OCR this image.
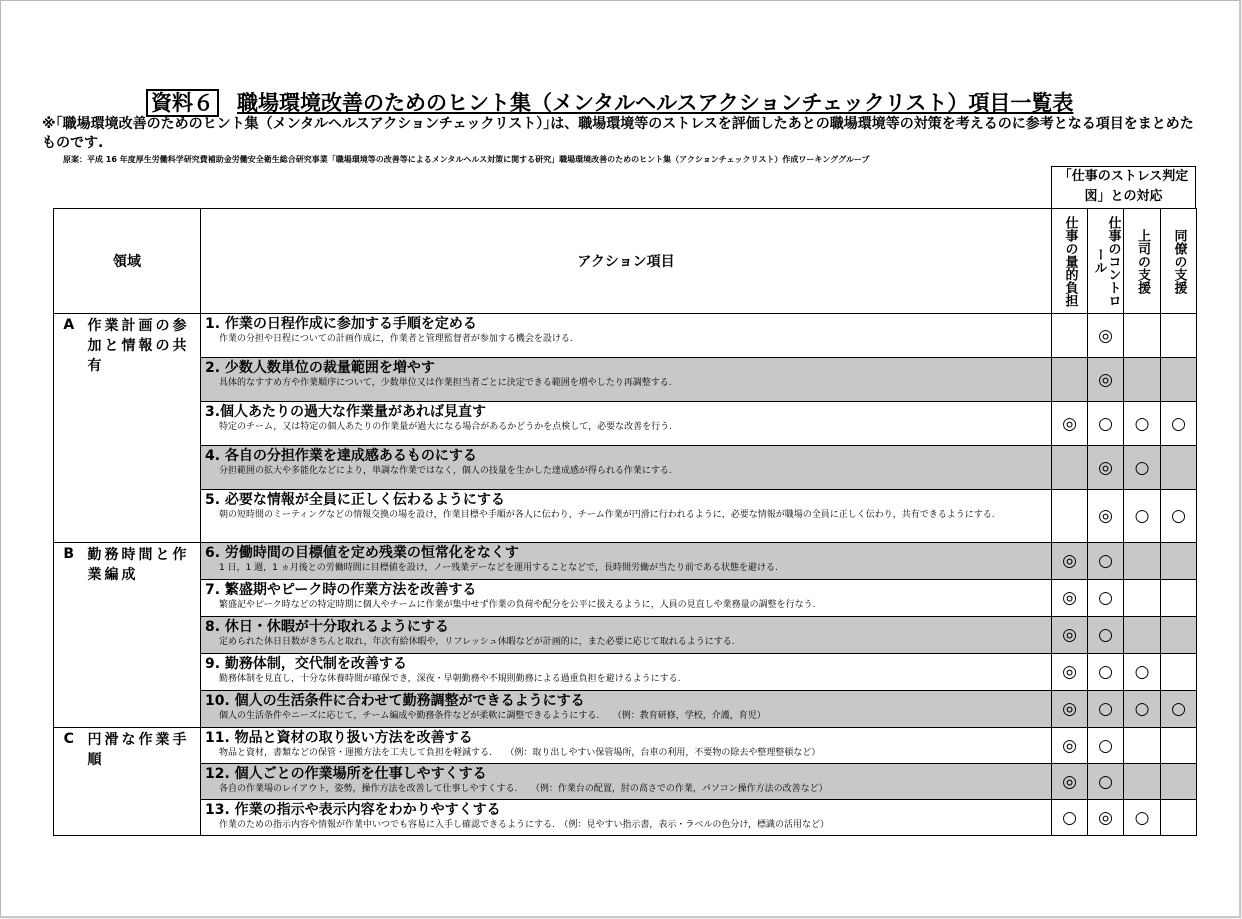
資料６ 職場環境改善のためのヒント集（メンタルヘルスアクションチェックリスト）項目一覧表
※｢職場環境改善のためのヒント集（メンタルヘルスアクションチェックリスト）｣は、職場環境等のストレスを評価したあとの職場環境等の対策を考えるのに参考となる項目をまとめたものです.
原案：平成 16 年度厚生労働科学研究費補助金労働安全衛生総合研究事業「職場環境等の改善等によるメンタルヘルス対策に関する研究」職場環境改善のためのヒント集（アクションチェックリスト）作成ワーキンググループ
「仕事のストレス判定図」との対応
領域		アクション項目	仕事の量的負担	仕事のコントロール	上司の支援	同僚の支援

A	作業計画の参加と情報の共有	1. 作業の日程作成に参加する手順を定める
作業の分担や日程についての計画作成に，作業者と管理監督者が参加する機会を設ける.		◎		

		2. 少数人数単位の裁量範囲を増やす
具体的なすすめ方や作業順序について，少数単位又は作業担当者ごとに決定できる範囲を増やしたり再調整する.		◎		

		3.個人あたりの過大な作業量があれば見直す
特定のチーム，又は特定の個人あたりの作業量が過大になる場合があるかどうかを点検して，必要な改善を行う.	◎	○	○	○

		4. 各自の分担作業を達成感あるものにする
分担範囲の拡大や多能化などにより，単調な作業ではなく，個人の技量を生かした達成感が得られる作業にする.		◎	○	

		5. 必要な情報が全員に正しく伝わるようにする
朝の短時間のミーティングなどの情報交換の場を設け，作業目標や手順が各人に伝わり，チーム作業が円滑に行われるように，必要な情報が職場の全員に正しく伝わり，共有できるようにする.		◎	○	○
B	勤務時間と作業編成	6. 労働時間の目標値を定め残業の恒常化をなくす
1 日，1 週，1 ヵ月後との労働時間に目標値を設け，ノー残業デーなどを運用することなどで，長時間労働が当たり前である状態を避ける.	◎	○		

		7. 繁盛期やピーク時の作業方法を改善する
繁盛記やピーク時などの特定時期に個人やチームに作業が集中せず作業の負荷や配分を公平に扱えるように，人員の見直しや業務量の調整を行なう.	◎	○		

		8. 休日・休暇が十分取れるようにする
定められた休日日数がきちんと取れ，年次有給休暇や，リフレッシュ休暇などが計画的に，また必要に応じて取れるようにする.	◎	○		

		9. 勤務体制，交代制を改善する
勤務体制を見直し，十分な休養時間が確保でき，深夜・早朝勤務や不規則勤務による過重負担を避けるようにする.	◎	○	○	

		10. 個人の生活条件に合わせて勤務調整ができるようにする
個人の生活条件やニーズに応じて，チーム編成や勤務条件などが柔軟に調整できるようにする.　　（例：教育研修，学校，介護，育児）	◎	○	○	○
C	円滑な作業手順	11. 物品と資材の取り扱い方法を改善する
物品と資材，書類などの保管・運搬方法を工夫して負担を軽減する.　　（例：取り出しやすい保管場所，台車の利用，不要物の除去や整理整頓など）	◎	○		

		12. 個人ごとの作業場所を仕事しやすくする
各自の作業場のレイアウト，姿勢，操作方法を改善して仕事しやすくする.　　（例：作業台の配置，肘の高さでの作業，パソコン操作方法の改善など）	◎	○		

		13. 作業の指示や表示内容をわかりやすくする
作業のための指示内容や情報が作業中いつでも容易に入手し確認できるようにする.　（例：見やすい指示書，表示・ラベルの色分け，標識の活用など）	○	◎	○	
